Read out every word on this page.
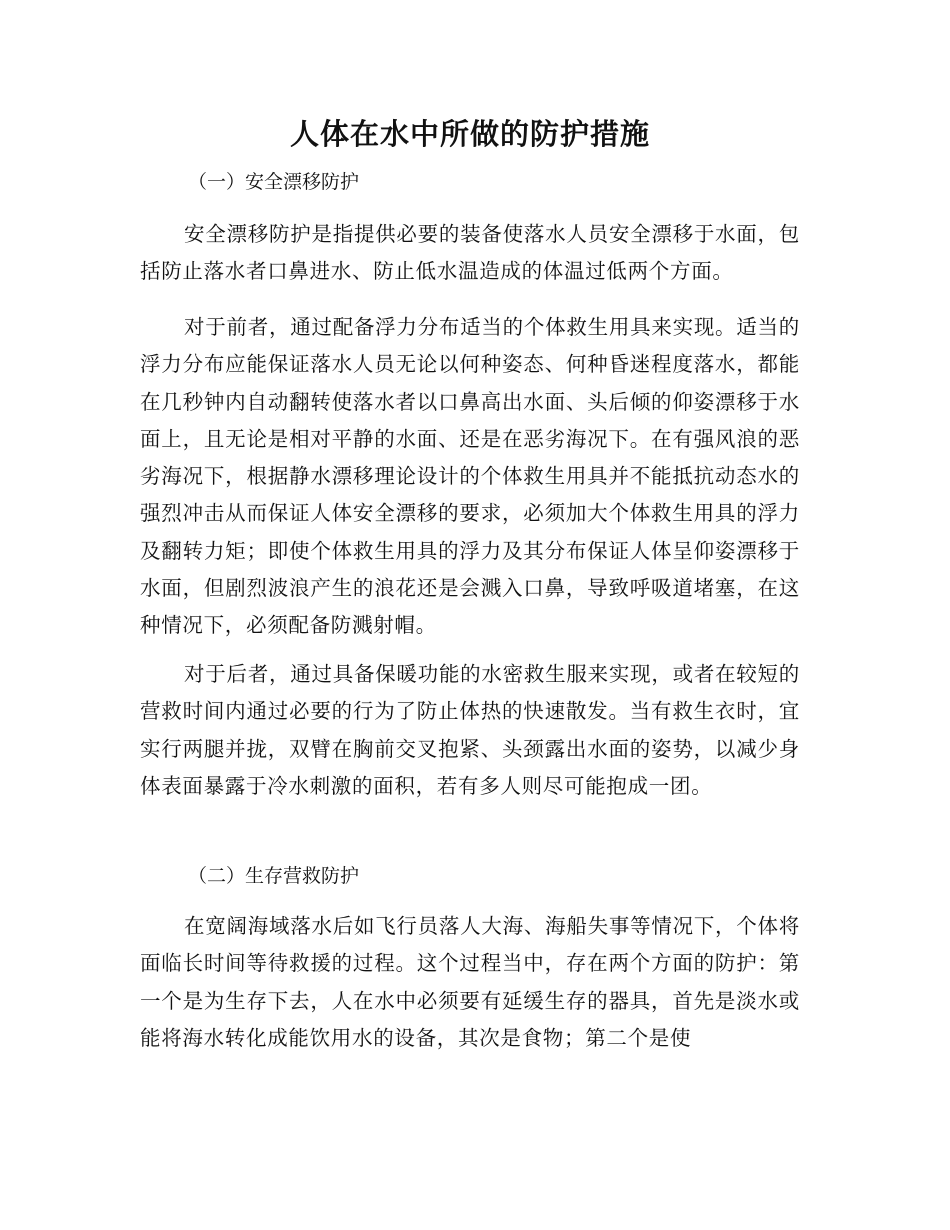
人体在水中所做的防护措施

（一）安全漂移防护

安全漂移防护是指提供必要的装备使落水人员安全漂移于水面，包括防止落水者口鼻进水、防止低水温造成的体温过低两个方面。

对于前者，通过配备浮力分布适当的个体救生用具来实现。适当的浮力分布应能保证落水人员无论以何种姿态、何种昏迷程度落水，都能在几秒钟内自动翻转使落水者以口鼻高出水面、头后倾的仰姿漂移于水面上，且无论是相对平静的水面、还是在恶劣海况下。在有强风浪的恶劣海况下，根据静水漂移理论设计的个体救生用具并不能抵抗动态水的强烈冲击从而保证人体安全漂移的要求，必须加大个体救生用具的浮力及翻转力矩；即使个体救生用具的浮力及其分布保证人体呈仰姿漂移于水面，但剧烈波浪产生的浪花还是会溅入口鼻，导致呼吸道堵塞，在这种情况下，必须配备防溅射帽。

对于后者，通过具备保暖功能的水密救生服来实现，或者在较短的营救时间内通过必要的行为了防止体热的快速散发。当有救生衣时，宜实行两腿并拢，双臂在胸前交叉抱紧、头颈露出水面的姿势，以减少身体表面暴露于冷水刺激的面积，若有多人则尽可能抱成一团。

（二）生存营救防护

在宽阔海域落水后如飞行员落人大海、海船失事等情况下，个体将面临长时间等待救援的过程。这个过程当中，存在两个方面的防护：第一个是为生存下去，人在水中必须要有延缓生存的器具，首先是淡水或能将海水转化成能饮用水的设备，其次是食物；第二个是使
